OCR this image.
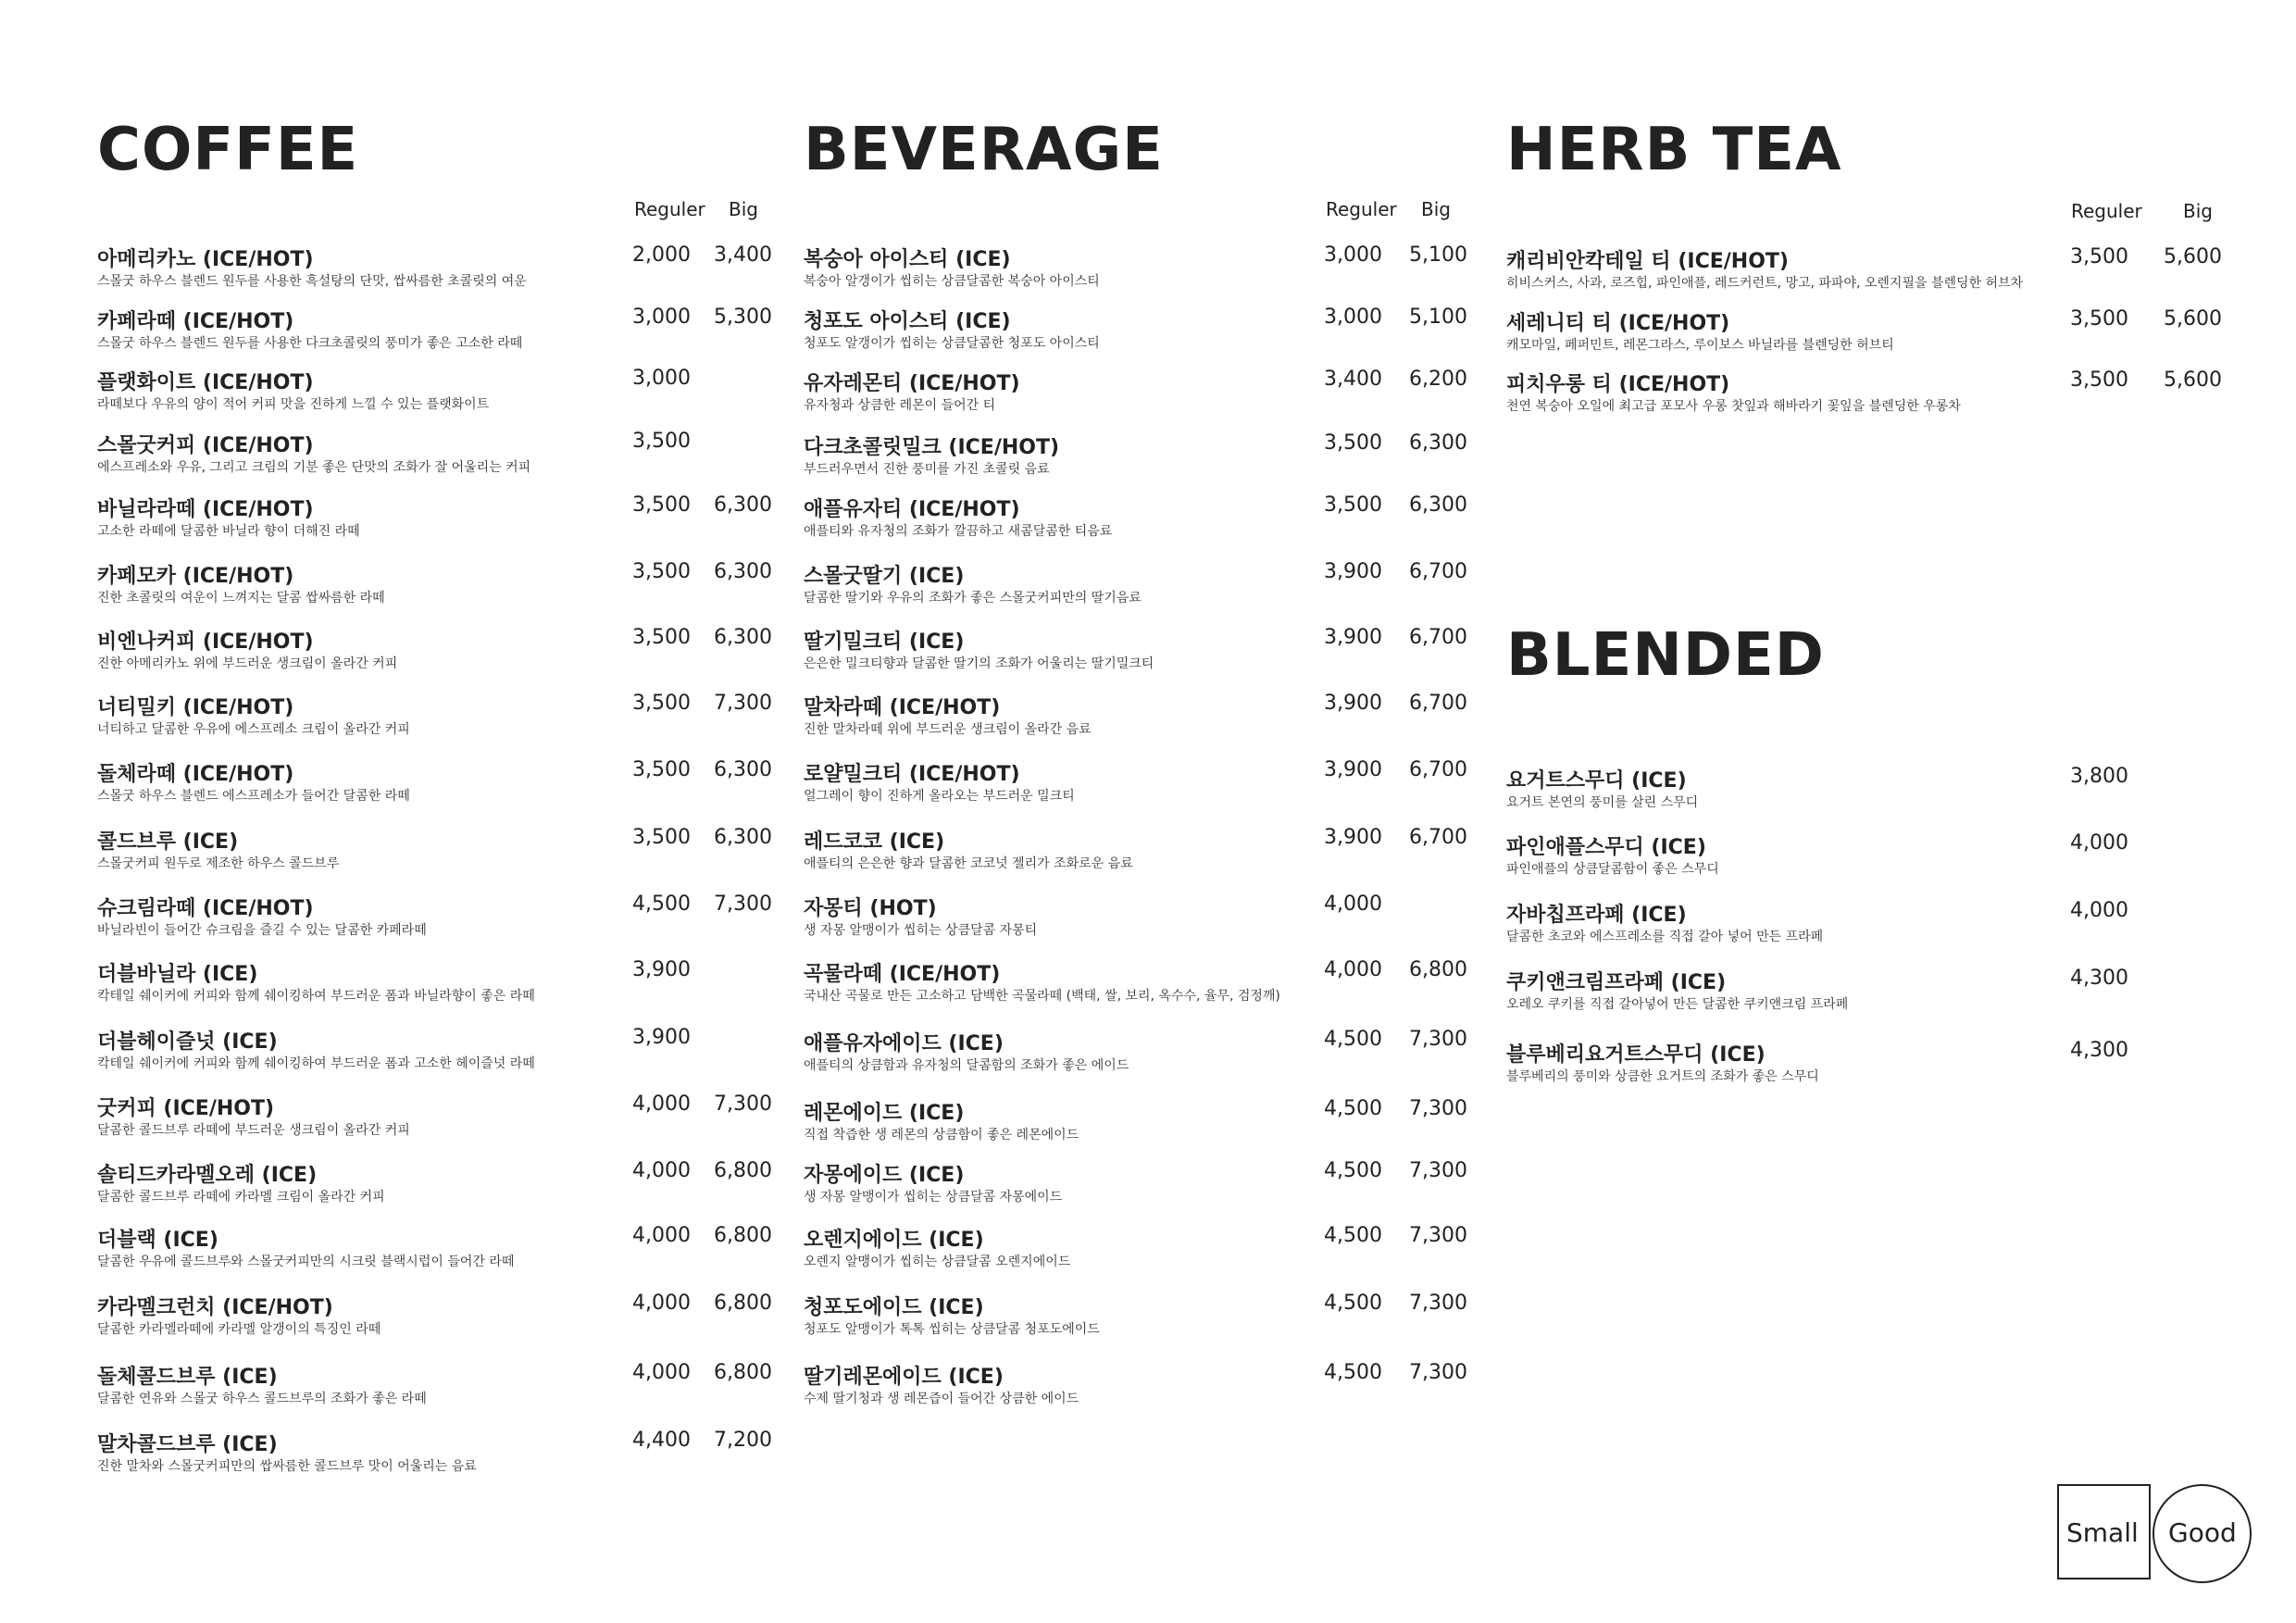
COFFEE
Reguler Big
아메리카노 (ICE/HOT)
스몰굿 하우스 블렌드 원두를 사용한 흑설탕의 단맛, 쌉싸름한 초콜릿의 여운
2,000 3,400
카페라떼 (ICE/HOT)
스몰굿 하우스 블렌드 원두를 사용한 다크초콜릿의 풍미가 좋은 고소한 라떼
3,000 5,300
플랫화이트 (ICE/HOT)
라떼보다 우유의 양이 적어 커피 맛을 진하게 느낄 수 있는 플랫화이트
3,000
스몰굿커피 (ICE/HOT)
에스프레소와 우유, 그리고 크림의 기분 좋은 단맛의 조화가 잘 어울리는 커피
3,500
바닐라라떼 (ICE/HOT)
고소한 라떼에 달콤한 바닐라 향이 더해진 라떼
3,500 6,300
카페모카 (ICE/HOT)
진한 초콜릿의 여운이 느껴지는 달콤 쌉싸름한 라떼
3,500 6,300
비엔나커피 (ICE/HOT)
진한 아메리카노 위에 부드러운 생크림이 올라간 커피
3,500 6,300
너티밀키 (ICE/HOT)
너티하고 달콤한 우유에 에스프레소 크림이 올라간 커피
3,500 7,300
돌체라떼 (ICE/HOT)
스몰굿 하우스 블렌드 에스프레소가 들어간 달콤한 라떼
3,500 6,300
콜드브루 (ICE)
스몰굿커피 원두로 제조한 하우스 콜드브루
3,500 6,300
슈크림라떼 (ICE/HOT)
바닐라빈이 들어간 슈크림을 즐길 수 있는 달콤한 카페라떼
4,500 7,300
더블바닐라 (ICE)
칵테일 쉐이커에 커피와 함께 쉐이킹하여 부드러운 폼과 바닐라향이 좋은 라떼
3,900
더블헤이즐넛 (ICE)
칵테일 쉐이커에 커피와 함께 쉐이킹하여 부드러운 폼과 고소한 헤이즐넛 라떼
3,900
굿커피 (ICE/HOT)
달콤한 콜드브루 라떼에 부드러운 생크림이 올라간 커피
4,000 7,300
솔티드카라멜오레 (ICE)
달콤한 콜드브루 라떼에 카라멜 크림이 올라간 커피
4,000 6,800
더블랙 (ICE)
달콤한 우유에 콜드브루와 스몰굿커피만의 시크릿 블랙시럽이 들어간 라떼
4,000 6,800
카라멜크런치 (ICE/HOT)
달콤한 카라멜라떼에 카라멜 알갱이의 특징인 라떼
4,000 6,800
돌체콜드브루 (ICE)
달콤한 연유와 스몰굿 하우스 콜드브루의 조화가 좋은 라떼
4,000 6,800
말차콜드브루 (ICE)
진한 말차와 스몰굿커피만의 쌉싸름한 콜드브루 맛이 어울리는 음료
4,400 7,200
BEVERAGE
Reguler Big
복숭아 아이스티 (ICE)
복숭아 알갱이가 씹히는 상큼달콤한 복숭아 아이스티
3,000 5,100
청포도 아이스티 (ICE)
청포도 알갱이가 씹히는 상큼달콤한 청포도 아이스티
3,000 5,100
유자레몬티 (ICE/HOT)
유자청과 상큼한 레몬이 들어간 티
3,400 6,200
다크초콜릿밀크 (ICE/HOT)
부드러우면서 진한 풍미를 가진 초콜릿 음료
3,500 6,300
애플유자티 (ICE/HOT)
애플티와 유자청의 조화가 깔끔하고 새콤달콤한 티음료
3,500 6,300
스몰굿딸기 (ICE)
달콤한 딸기와 우유의 조화가 좋은 스몰굿커피만의 딸기음료
3,900 6,700
딸기밀크티 (ICE)
은은한 밀크티향과 달콤한 딸기의 조화가 어울리는 딸기밀크티
3,900 6,700
말차라떼 (ICE/HOT)
진한 말차라떼 위에 부드러운 생크림이 올라간 음료
3,900 6,700
로얄밀크티 (ICE/HOT)
얼그레이 향이 진하게 올라오는 부드러운 밀크티
3,900 6,700
레드코코 (ICE)
애플티의 은은한 향과 달콤한 코코넛 젤리가 조화로운 음료
3,900 6,700
자몽티 (HOT)
생 자몽 알맹이가 씹히는 상큼달콤 자몽티
4,000
곡물라떼 (ICE/HOT)
국내산 곡물로 만든 고소하고 담백한 곡물라떼 (백태, 쌀, 보리, 옥수수, 율무, 검정깨)
4,000 6,800
애플유자에이드 (ICE)
애플티의 상큼함과 유자청의 달콤함의 조화가 좋은 에이드
4,500 7,300
레몬에이드 (ICE)
직접 착즙한 생 레몬의 상큼함이 좋은 레몬에이드
4,500 7,300
자몽에이드 (ICE)
생 자몽 알맹이가 씹히는 상큼달콤 자몽에이드
4,500 7,300
오렌지에이드 (ICE)
오렌지 알맹이가 씹히는 상큼달콤 오렌지에이드
4,500 7,300
청포도에이드 (ICE)
청포도 알맹이가 톡톡 씹히는 상큼달콤 청포도에이드
4,500 7,300
딸기레몬에이드 (ICE)
수제 딸기청과 생 레몬즙이 들어간 상큼한 에이드
4,500 7,300
HERB TEA
Reguler Big
캐리비안칵테일 티 (ICE/HOT)
히비스커스, 사과, 로즈힙, 파인애플, 레드커런트, 망고, 파파야, 오렌지필을 블렌딩한 허브차
3,500 5,600
세레니티 티 (ICE/HOT)
캐모마일, 페퍼민트, 레몬그라스, 루이보스 바닐라를 블렌딩한 허브티
3,500 5,600
피치우롱 티 (ICE/HOT)
천연 복숭아 오일에 최고급 포모사 우롱 찻잎과 해바라기 꽃잎을 블렌딩한 우롱차
3,500 5,600
BLENDED
요거트스무디 (ICE)
요거트 본연의 풍미를 살린 스무디
3,800
파인애플스무디 (ICE)
파인애플의 상큼달콤함이 좋은 스무디
4,000
자바칩프라페 (ICE)
달콤한 초코와 에스프레소를 직접 갈아 넣어 만든 프라페
4,000
쿠키앤크림프라페 (ICE)
오레오 쿠키를 직접 갈아넣어 만든 달콤한 쿠키앤크림 프라페
4,300
블루베리요거트스무디 (ICE)
블루베리의 풍미와 상큼한 요거트의 조화가 좋은 스무디
4,300
Small Good
